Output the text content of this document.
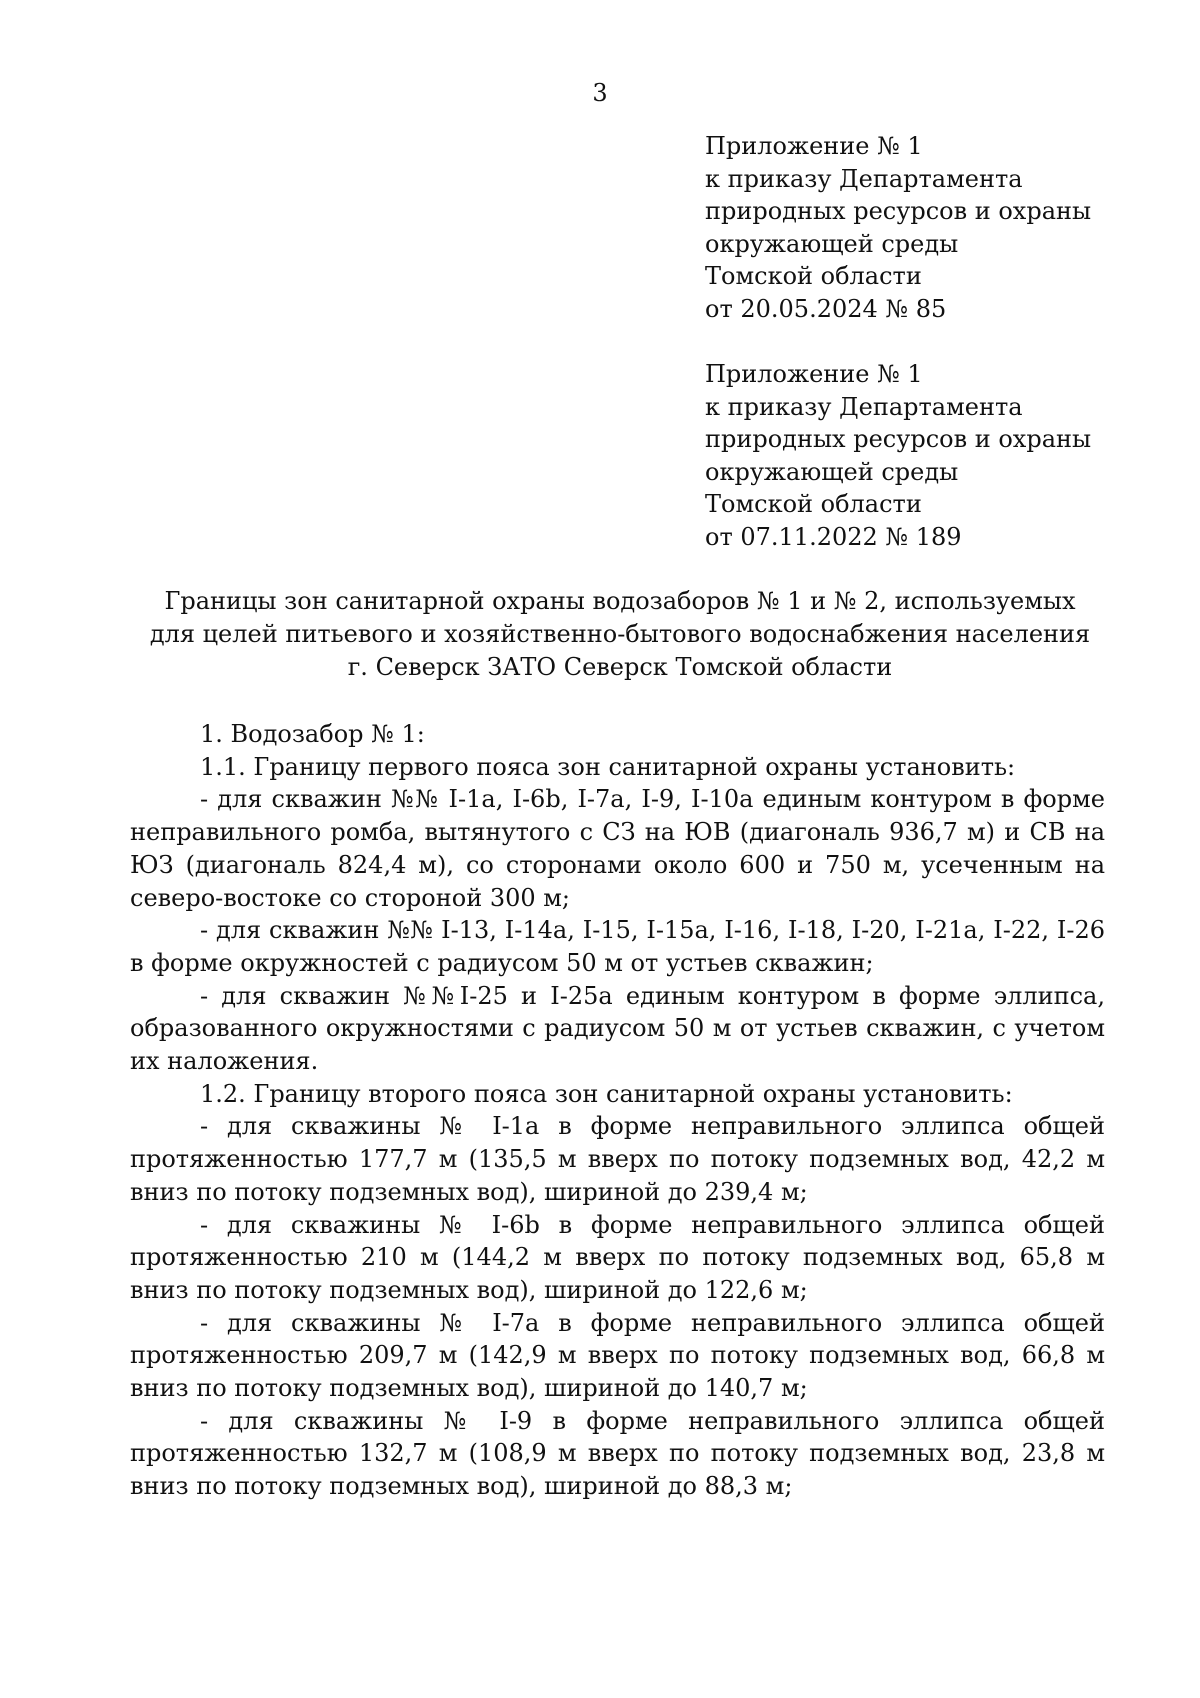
3
Приложение № 1
к приказу Департамента
природных ресурсов и охраны
окружающей среды
Томской области
от 20.05.2024 № 85
Приложение № 1
к приказу Департамента
природных ресурсов и охраны
окружающей среды
Томской области
от 07.11.2022 № 189
Границы зон санитарной охраны водозаборов № 1 и № 2, используемых
для целей питьевого и хозяйственно-бытового водоснабжения населения
г. Северск ЗАТО Северск Томской области

1. Водозабор № 1:

1.1. Границу первого пояса зон санитарной охраны установить:

- для скважин №№ I-1а, I-6b, I-7а, I-9, I-10а единым контуром в форме неправильного ромба, вытянутого с СЗ на ЮВ (диагональ 936,7 м) и СВ на ЮЗ (диагональ 824,4 м), со сторонами около 600 и 750 м, усеченным на северо-востоке со стороной 300 м;

- для скважин №№ I-13, I-14а, I-15, I-15а, I-16, I-18, I-20, I-21а, I-22, I-26 в форме окружностей с радиусом 50 м от устьев скважин;

- для скважин №№I-25 и I-25а единым контуром в форме эллипса, образованного окружностями с радиусом 50 м от устьев скважин, с учетом их наложения.

1.2. Границу второго пояса зон санитарной охраны установить:

- для скважины № I-1а в форме неправильного эллипса общей протяженностью 177,7 м (135,5 м вверх по потоку подземных вод, 42,2 м вниз по потоку подземных вод), шириной до 239,4 м;

- для скважины № I-6b в форме неправильного эллипса общей протяженностью 210 м (144,2 м вверх по потоку подземных вод, 65,8 м вниз по потоку подземных вод), шириной до 122,6 м;

- для скважины № I-7а в форме неправильного эллипса общей протяженностью 209,7 м (142,9 м вверх по потоку подземных вод, 66,8 м вниз по потоку подземных вод), шириной до 140,7 м;

- для скважины № I-9 в форме неправильного эллипса общей протяженностью 132,7 м (108,9 м вверх по потоку подземных вод, 23,8 м вниз по потоку подземных вод), шириной до 88,3 м;
